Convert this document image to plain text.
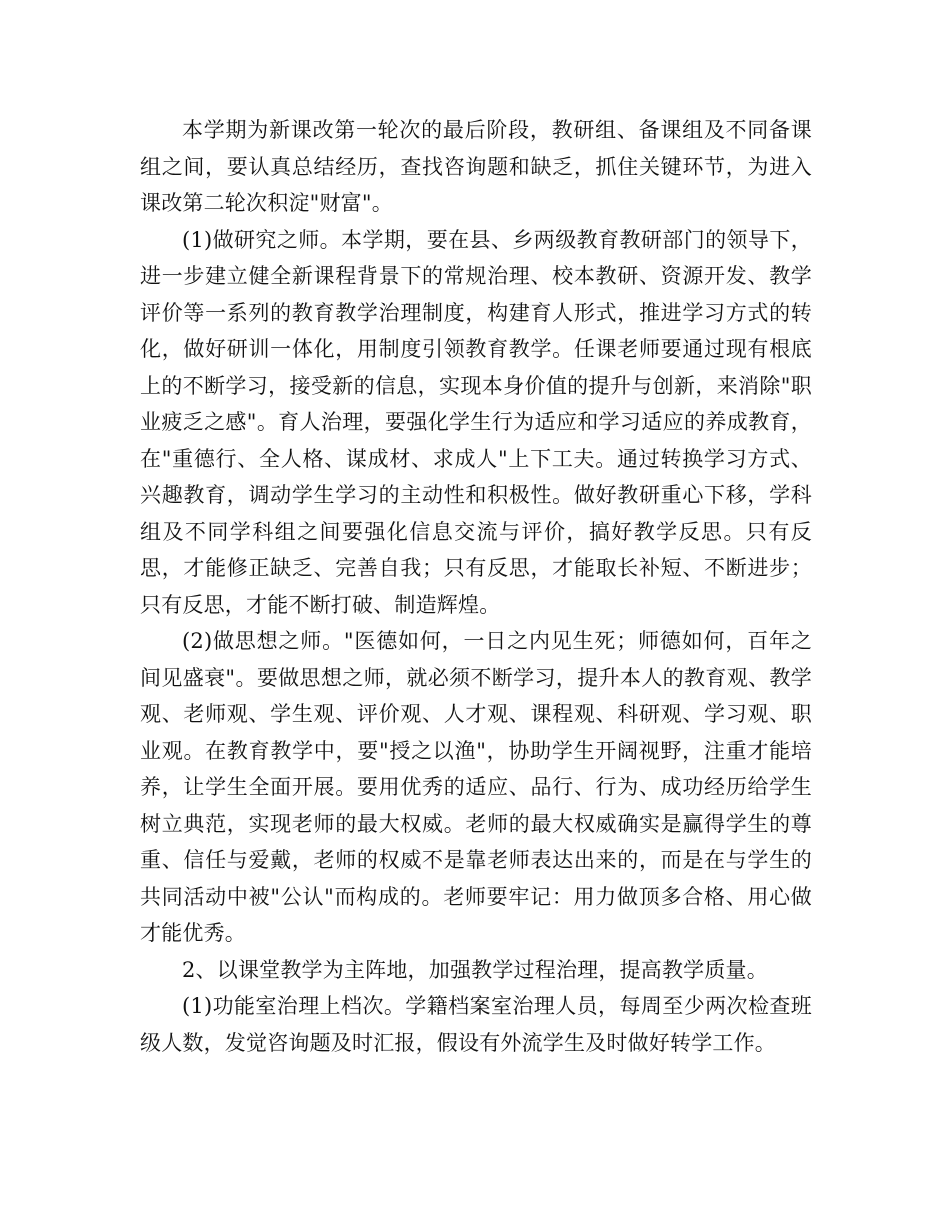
本学期为新课改第一轮次的最后阶段，教研组、备课组及不同备课组之间，要认真总结经历，查找咨询题和缺乏，抓住关键环节，为进入课改第二轮次积淀"财富"。

(1)做研究之师。本学期，要在县、乡两级教育教研部门的领导下，进一步建立健全新课程背景下的常规治理、校本教研、资源开发、教学评价等一系列的教育教学治理制度，构建育人形式，推进学习方式的转化，做好研训一体化，用制度引领教育教学。任课老师要通过现有根底上的不断学习，接受新的信息，实现本身价值的提升与创新，来消除"职业疲乏之感"。育人治理，要强化学生行为适应和学习适应的养成教育，在"重德行、全人格、谋成材、求成人"上下工夫。通过转换学习方式、兴趣教育，调动学生学习的主动性和积极性。做好教研重心下移，学科组及不同学科组之间要强化信息交流与评价，搞好教学反思。只有反思，才能修正缺乏、完善自我；只有反思，才能取长补短、不断进步；只有反思，才能不断打破、制造辉煌。

(2)做思想之师。"医德如何，一日之内见生死；师德如何，百年之间见盛衰"。要做思想之师，就必须不断学习，提升本人的教育观、教学观、老师观、学生观、评价观、人才观、课程观、科研观、学习观、职业观。在教育教学中，要"授之以渔"，协助学生开阔视野，注重才能培养，让学生全面开展。要用优秀的适应、品行、行为、成功经历给学生树立典范，实现老师的最大权威。老师的最大权威确实是赢得学生的尊重、信任与爱戴，老师的权威不是靠老师表达出来的，而是在与学生的共同活动中被"公认"而构成的。老师要牢记：用力做顶多合格、用心做才能优秀。

2、以课堂教学为主阵地，加强教学过程治理，提高教学质量。

(1)功能室治理上档次。学籍档案室治理人员，每周至少两次检查班级人数，发觉咨询题及时汇报，假设有外流学生及时做好转学工作。
